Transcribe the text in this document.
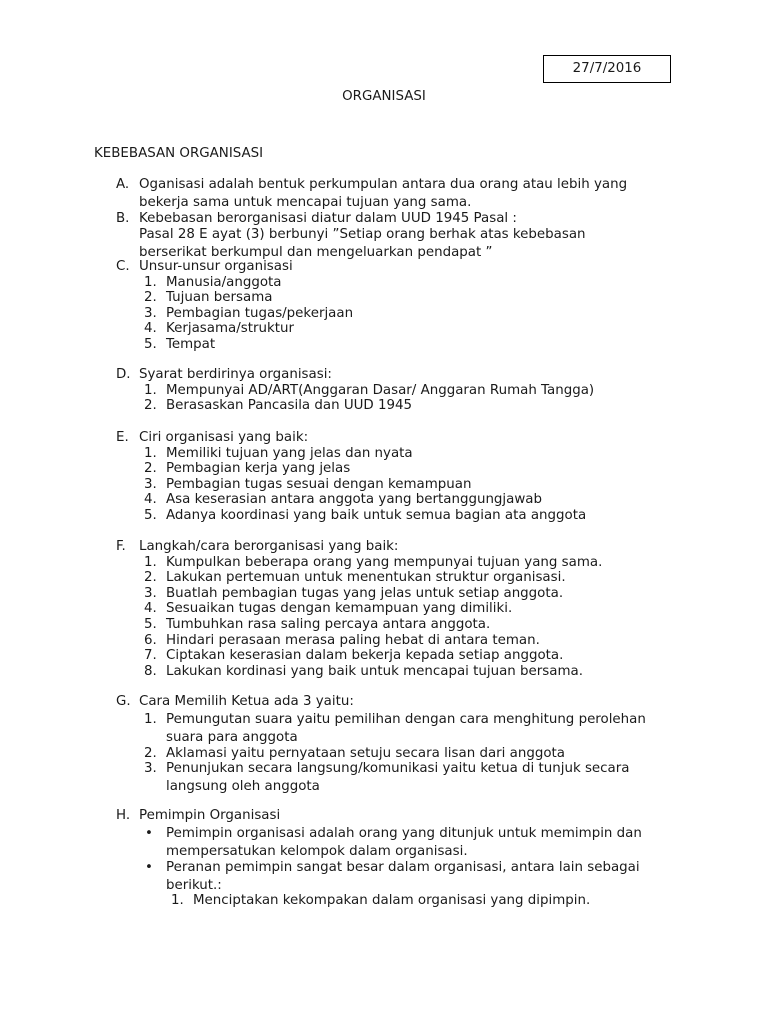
27/7/2016
ORGANISASI
KEBEBASAN ORGANISASI
A. Oganisasi adalah bentuk perkumpulan antara dua orang atau lebih yang
bekerja sama untuk mencapai tujuan yang sama.
B. Kebebasan berorganisasi diatur dalam UUD 1945 Pasal :
Pasal 28 E ayat (3) berbunyi ”Setiap orang berhak atas kebebasan
berserikat berkumpul dan mengeluarkan pendapat ”
C. Unsur-unsur organisasi
1. Manusia/anggota
2. Tujuan bersama
3. Pembagian tugas/pekerjaan
4. Kerjasama/struktur
5. Tempat
D. Syarat berdirinya organisasi:
1. Mempunyai AD/ART(Anggaran Dasar/ Anggaran Rumah Tangga)
2. Berasaskan Pancasila dan UUD 1945
E. Ciri organisasi yang baik:
1. Memiliki tujuan yang jelas dan nyata
2. Pembagian kerja yang jelas
3. Pembagian tugas sesuai dengan kemampuan
4. Asa keserasian antara anggota yang bertanggungjawab
5. Adanya koordinasi yang baik untuk semua bagian ata anggota
F. Langkah/cara berorganisasi yang baik:
1. Kumpulkan beberapa orang yang mempunyai tujuan yang sama.
2. Lakukan pertemuan untuk menentukan struktur organisasi.
3. Buatlah pembagian tugas yang jelas untuk setiap anggota.
4. Sesuaikan tugas dengan kemampuan yang dimiliki.
5. Tumbuhkan rasa saling percaya antara anggota.
6. Hindari perasaan merasa paling hebat di antara teman.
7. Ciptakan keserasian dalam bekerja kepada setiap anggota.
8. Lakukan kordinasi yang baik untuk mencapai tujuan bersama.
G. Cara Memilih Ketua ada 3 yaitu:
1. Pemungutan suara yaitu pemilihan dengan cara menghitung perolehan
suara para anggota
2. Aklamasi yaitu pernyataan setuju secara lisan dari anggota
3. Penunjukan secara langsung/komunikasi yaitu ketua di tunjuk secara
langsung oleh anggota
H. Pemimpin Organisasi
• Pemimpin organisasi adalah orang yang ditunjuk untuk memimpin dan
mempersatukan kelompok dalam organisasi.
• Peranan pemimpin sangat besar dalam organisasi, antara lain sebagai
berikut.:
1. Menciptakan kekompakan dalam organisasi yang dipimpin.
